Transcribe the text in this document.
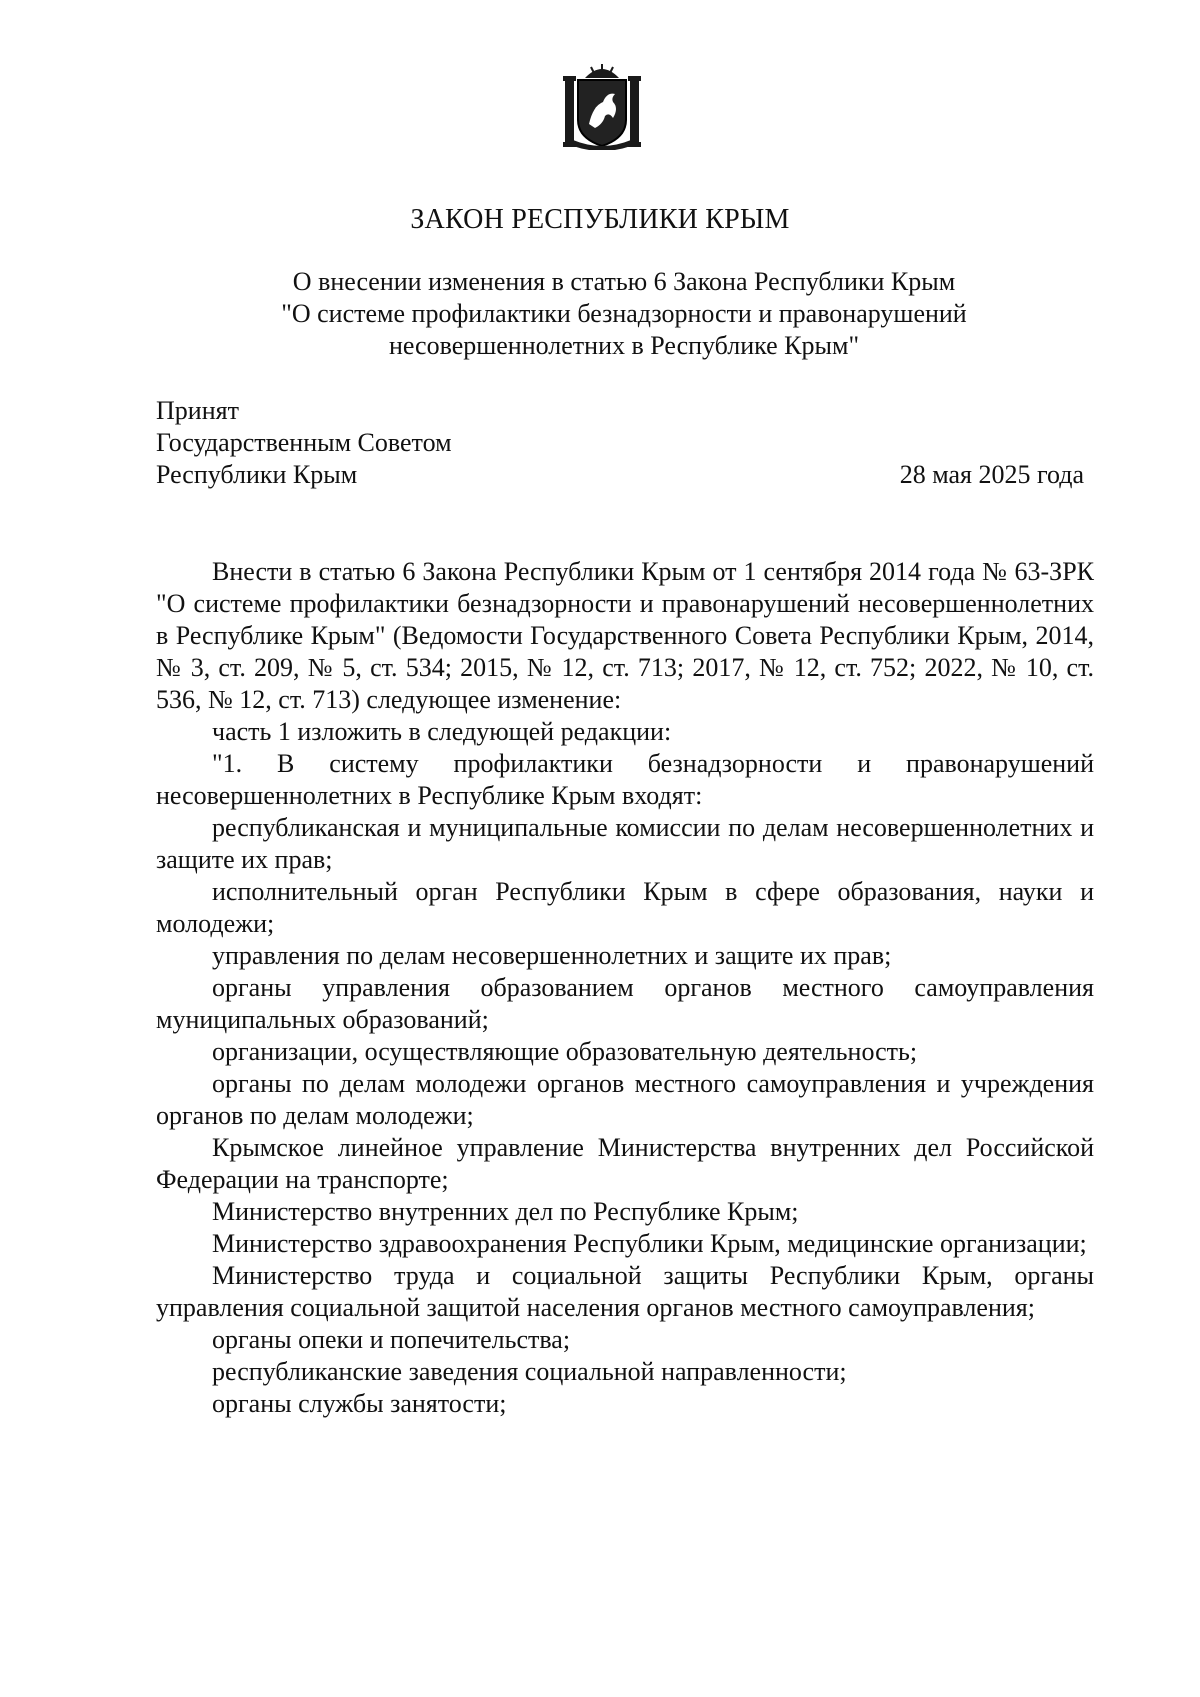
ЗАКОН РЕСПУБЛИКИ КРЫМ
О внесении изменения в статью 6 Закона Республики Крым
"О системе профилактики безнадзорности и правонарушений
несовершеннолетних в Республике Крым"
Принят
Государственным Советом
Республики Крым	28 мая 2025 года

Внести в статью 6 Закона Республики Крым от 1 сентября 2014 года № 63-ЗРК "О системе профилактики безнадзорности и правонарушений несовершеннолетних в Республике Крым" (Ведомости Государственного Совета Республики Крым, 2014, № 3, ст. 209, № 5, ст. 534; 2015, № 12, ст. 713; 2017, № 12, ст. 752; 2022, № 10, ст. 536, № 12, ст. 713) следующее изменение:

часть 1 изложить в следующей редакции:

"1. В систему профилактики безнадзорности и правонарушений несовершеннолетних в Республике Крым входят:

республиканская и муниципальные комиссии по делам несовершеннолетних и защите их прав;

исполнительный орган Республики Крым в сфере образования, науки и молодежи;

управления по делам несовершеннолетних и защите их прав;

органы управления образованием органов местного самоуправления муниципальных образований;

организации, осуществляющие образовательную деятельность;

органы по делам молодежи органов местного самоуправления и учреждения органов по делам молодежи;

Крымское линейное управление Министерства внутренних дел Российской Федерации на транспорте;

Министерство внутренних дел по Республике Крым;

Министерство здравоохранения Республики Крым, медицинские организации;

Министерство труда и социальной защиты Республики Крым, органы управления социальной защитой населения органов местного самоуправления;

органы опеки и попечительства;

республиканские заведения социальной направленности;

органы службы занятости;
